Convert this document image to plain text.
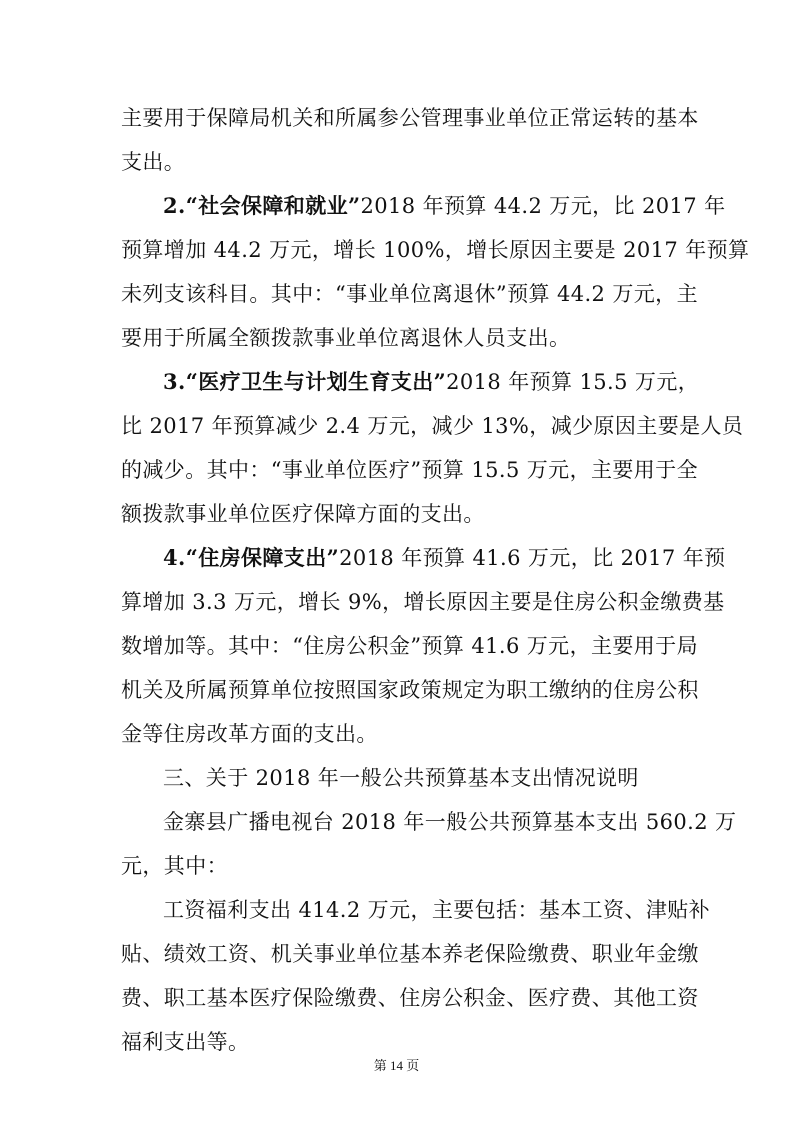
主要用于保障局机关和所属参公管理事业单位正常运转的基本
支出。
2.“社会保障和就业”2018 年预算 44.2 万元，比 2017 年
预算增加 44.2 万元，增长 100%，增长原因主要是 2017 年预算
未列支该科目。其中：“事业单位离退休”预算 44.2 万元，主
要用于所属全额拨款事业单位离退休人员支出。
3.“医疗卫生与计划生育支出”2018 年预算 15.5 万元，
比 2017 年预算减少 2.4 万元，减少 13%，减少原因主要是人员
的减少。其中：“事业单位医疗”预算 15.5 万元，主要用于全
额拨款事业单位医疗保障方面的支出。
4.“住房保障支出”2018 年预算 41.6 万元，比 2017 年预
算增加 3.3 万元，增长 9%，增长原因主要是住房公积金缴费基
数增加等。其中：“住房公积金”预算 41.6 万元，主要用于局
机关及所属预算单位按照国家政策规定为职工缴纳的住房公积
金等住房改革方面的支出。
三、关于 2018 年一般公共预算基本支出情况说明
金寨县广播电视台 2018 年一般公共预算基本支出 560.2 万
元，其中：
工资福利支出 414.2 万元，主要包括：基本工资、津贴补
贴、绩效工资、机关事业单位基本养老保险缴费、职业年金缴
费、职工基本医疗保险缴费、住房公积金、医疗费、其他工资
福利支出等。
第 14 页
